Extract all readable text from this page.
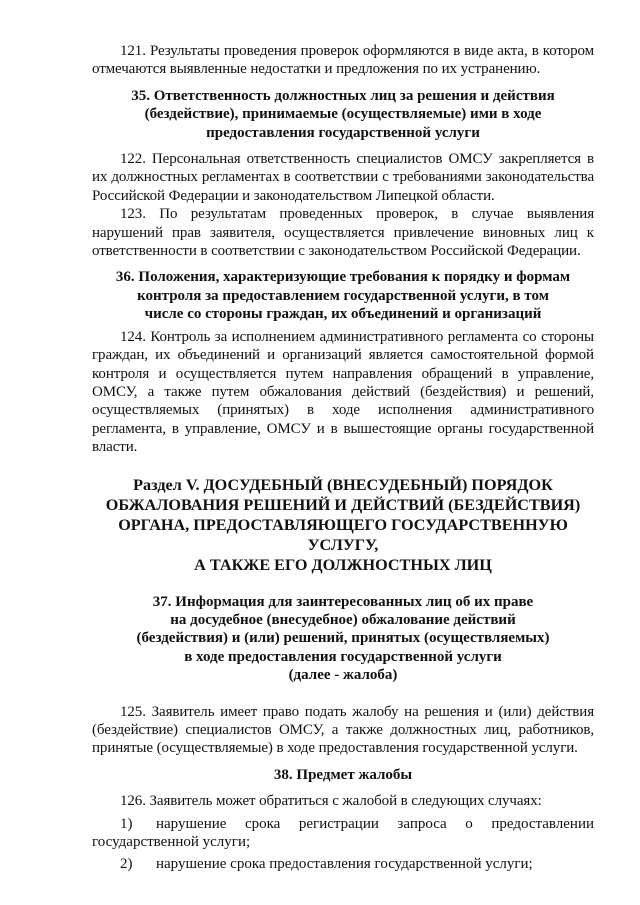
121. Результаты проведения проверок оформляются в виде акта, в котором отмечаются выявленные недостатки и предложения по их устранению.

35. Ответственность должностных лиц за решения и действия
(бездействие), принимаемые (осуществляемые) ими в ходе
предоставления государственной услуги

122. Персональная ответственность специалистов ОМСУ закрепляется в их должностных регламентах в соответствии с требованиями законодательства Российской Федерации и законодательством Липецкой области.

123. По результатам проведенных проверок, в случае выявления нарушений прав заявителя, осуществляется привлечение виновных лиц к ответственности в соответствии с законодательством Российской Федерации.

36. Положения, характеризующие требования к порядку и формам
контроля за предоставлением государственной услуги, в том
числе со стороны граждан, их объединений и организаций

124. Контроль за исполнением административного регламента со стороны граждан, их объединений и организаций является самостоятельной формой контроля и осуществляется путем направления обращений в управление, ОМСУ, а также путем обжалования действий (бездействия) и решений, осуществляемых (принятых) в ходе исполнения административного регламента, в управление, ОМСУ и в вышестоящие органы государственной власти.

Раздел V. ДОСУДЕБНЫЙ (ВНЕСУДЕБНЫЙ) ПОРЯДОК
ОБЖАЛОВАНИЯ РЕШЕНИЙ И ДЕЙСТВИЙ (БЕЗДЕЙСТВИЯ)
ОРГАНА, ПРЕДОСТАВЛЯЮЩЕГО ГОСУДАРСТВЕННУЮ УСЛУГУ,
А ТАКЖЕ ЕГО ДОЛЖНОСТНЫХ ЛИЦ
37. Информация для заинтересованных лиц об их праве
на досудебное (внесудебное) обжалование действий
(бездействия) и (или) решений, принятых (осуществляемых)
в ходе предоставления государственной услуги
(далее - жалоба)

125. Заявитель имеет право подать жалобу на решения и (или) действия (бездействие) специалистов ОМСУ, а также должностных лиц, работников, принятые (осуществляемые) в ходе предоставления государственной услуги.

38. Предмет жалобы

126. Заявитель может обратиться с жалобой в следующих случаях:

1) нарушение срока регистрации запроса о предоставлении государственной услуги;

2) нарушение срока предоставления государственной услуги;
